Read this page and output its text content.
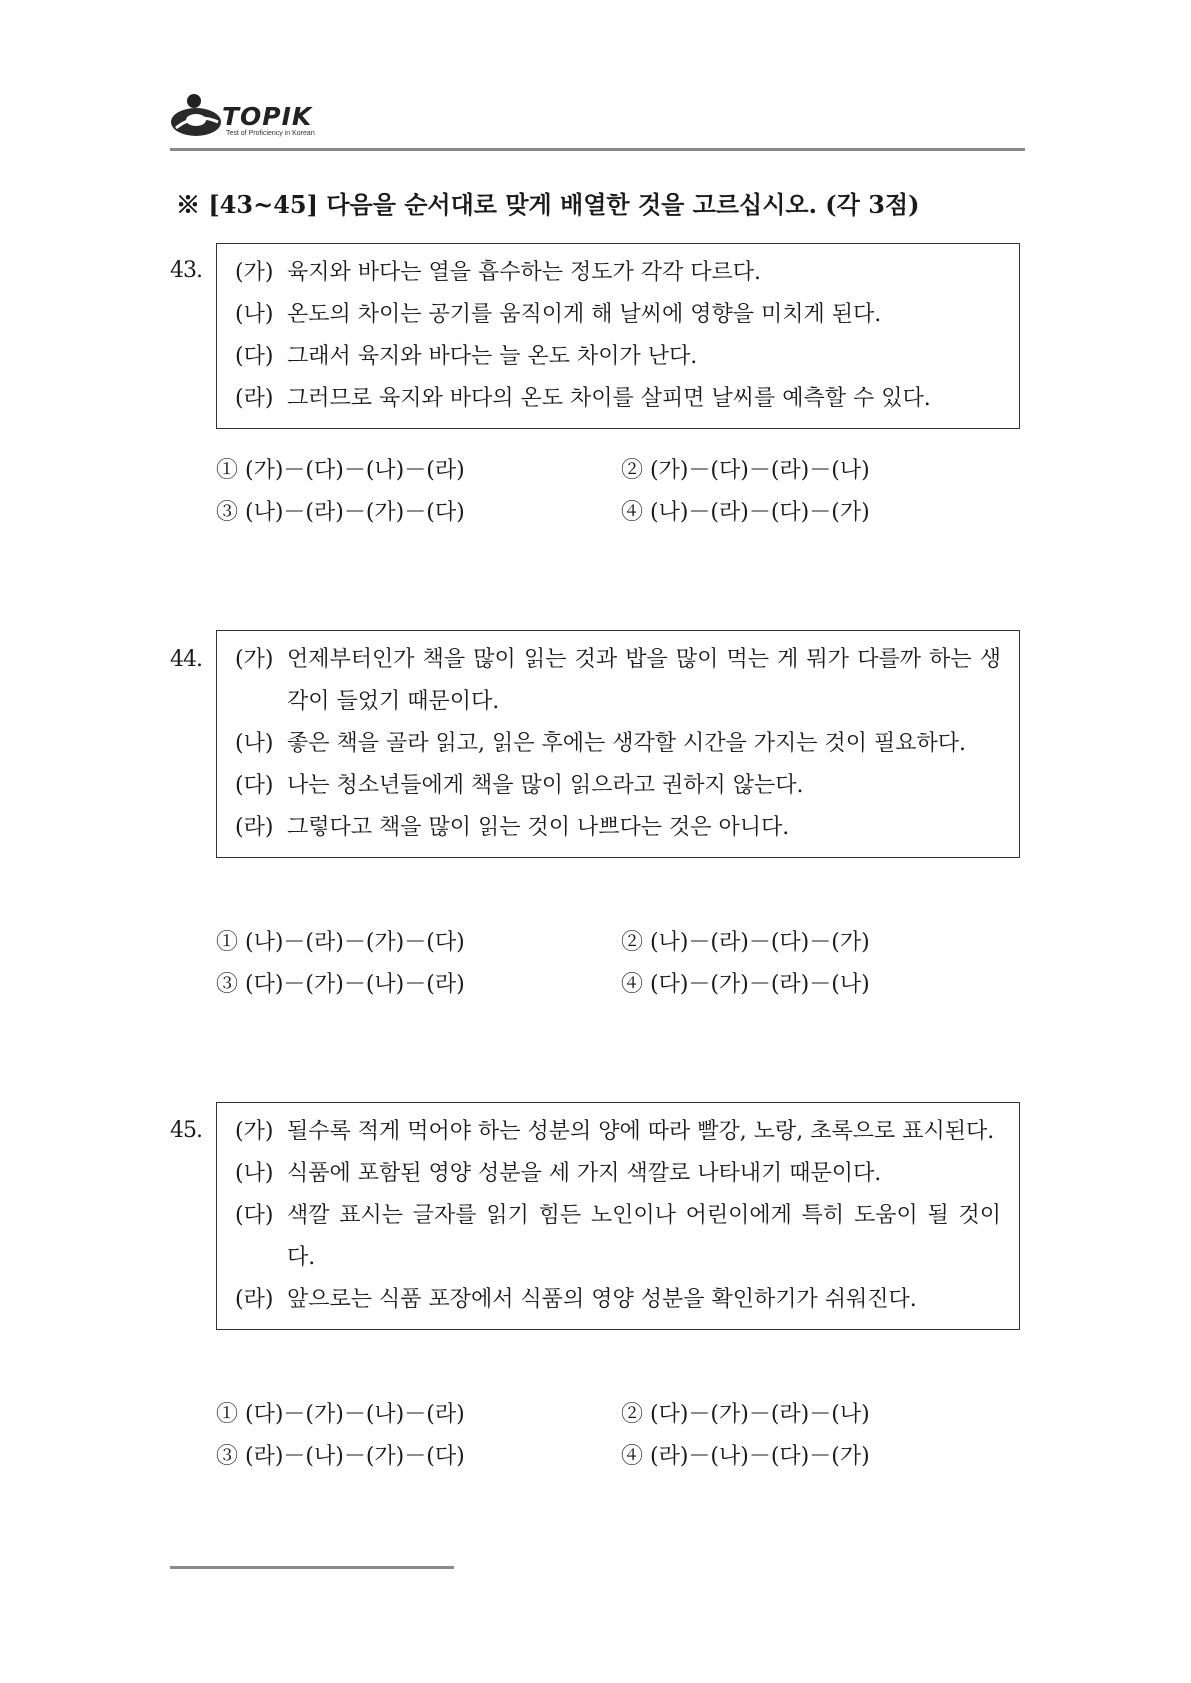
TOPIK
Test of Proficiency in Korean
※ [43~45] 다음을 순서대로 맞게 배열한 것을 고르십시오. (각 3점)
43. (가) 육지와 바다는 열을 흡수하는 정도가 각각 다르다.
(나) 온도의 차이는 공기를 움직이게 해 날씨에 영향을 미치게 된다.
(다) 그래서 육지와 바다는 늘 온도 차이가 난다.
(라) 그러므로 육지와 바다의 온도 차이를 살피면 날씨를 예측할 수 있다.
① (가)－(다)－(나)－(라)	② (가)－(다)－(라)－(나)
③ (나)－(라)－(가)－(다)	④ (나)－(라)－(다)－(가)
44. (가) 언제부터인가 책을 많이 읽는 것과 밥을 많이 먹는 게 뭐가 다를까 하는 생각이 들었기 때문이다.
(나) 좋은 책을 골라 읽고, 읽은 후에는 생각할 시간을 가지는 것이 필요하다.
(다) 나는 청소년들에게 책을 많이 읽으라고 권하지 않는다.
(라) 그렇다고 책을 많이 읽는 것이 나쁘다는 것은 아니다.
① (나)－(라)－(가)－(다)	② (나)－(라)－(다)－(가)
③ (다)－(가)－(나)－(라)	④ (다)－(가)－(라)－(나)
45. (가) 될수록 적게 먹어야 하는 성분의 양에 따라 빨강, 노랑, 초록으로 표시된다.
(나) 식품에 포함된 영양 성분을 세 가지 색깔로 나타내기 때문이다.
(다) 색깔 표시는 글자를 읽기 힘든 노인이나 어린이에게 특히 도움이 될 것이다.
(라) 앞으로는 식품 포장에서 식품의 영양 성분을 확인하기가 쉬워진다.
① (다)－(가)－(나)－(라)	② (다)－(가)－(라)－(나)
③ (라)－(나)－(가)－(다)	④ (라)－(나)－(다)－(가)
